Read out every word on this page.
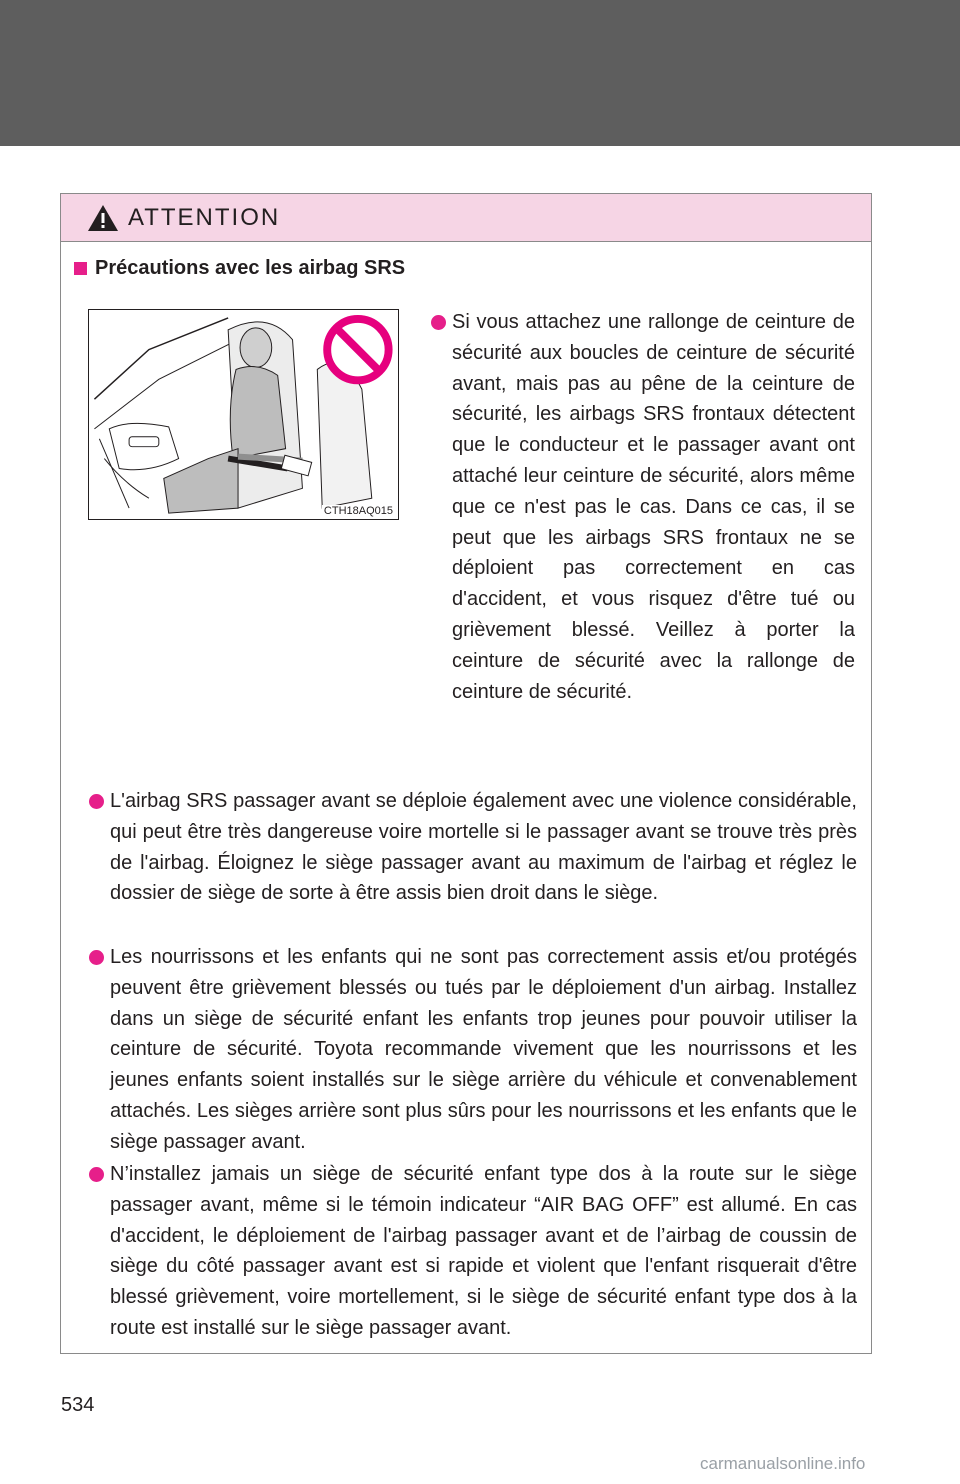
ATTENTION
Précautions avec les airbag SRS
CTH18AQ015
Si vous attachez une rallonge de ceinture de sécurité aux boucles de ceinture de sécurité avant, mais pas au pêne de la ceinture de sécurité, les airbags SRS frontaux détectent que le conducteur et le passager avant ont attaché leur ceinture de sécurité, alors même que ce n'est pas le cas. Dans ce cas, il se peut que les airbags SRS frontaux ne se déploient pas correctement en cas d'accident, et vous risquez d'être tué ou grièvement blessé. Veillez à porter la ceinture de sécurité avec la rallonge de ceinture de sécurité.
L'airbag SRS passager avant se déploie également avec une violence considérable, qui peut être très dangereuse voire mortelle si le passager avant se trouve très près de l'airbag. Éloignez le siège passager avant au maximum de l'airbag et réglez le dossier de siège de sorte à être assis bien droit dans le siège.
Les nourrissons et les enfants qui ne sont pas correctement assis et/ou protégés peuvent être grièvement blessés ou tués par le déploiement d'un airbag. Installez dans un siège de sécurité enfant les enfants trop jeunes pour pouvoir utiliser la ceinture de sécurité. Toyota recommande vivement que les nourrissons et les jeunes enfants soient installés sur le siège arrière du véhicule et convenablement attachés. Les sièges arrière sont plus sûrs pour les nourrissons et les enfants que le siège passager avant.
N’installez jamais un siège de sécurité enfant type dos à la route sur le siège passager avant, même si le témoin indicateur “AIR BAG OFF” est allumé. En cas d'accident, le déploiement de l'airbag passager avant et de l’airbag de coussin de siège du côté passager avant est si rapide et violent que l'enfant risquerait d'être blessé grièvement, voire mortellement, si le siège de sécurité enfant type dos à la route est installé sur le siège passager avant.
534
carmanualsonline.info
